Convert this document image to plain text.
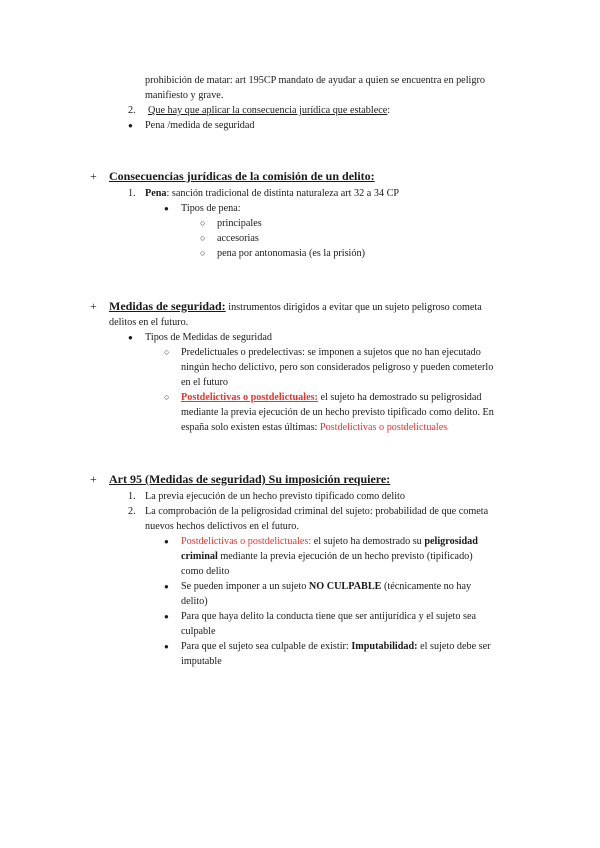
prohibición de matar: art 195CP mandato de ayudar a quien se encuentra en peligro
manifiesto y grave.
2. Que hay que aplicar la consecuencia jurídica que establece:
● Pena /medida de seguridad
+ Consecuencias jurídicas de la comisión de un delito:
1. Pena: sanción tradicional de distinta naturaleza art 32 a 34 CP
● Tipos de pena:
○ principales
○ accesorias
○ pena por antonomasia (es la prisión)
+ Medidas de seguridad: instrumentos dirigidos a evitar que un sujeto peligroso cometa
delitos en el futuro.
● Tipos de Medidas de seguridad
○ Predelictuales o predelectivas: se imponen a sujetos que no han ejecutado
ningún hecho delictivo, pero son considerados peligroso y pueden cometerlo
en el futuro
○ Postdelictivas o postdelictuales: el sujeto ha demostrado su peligrosidad
mediante la previa ejecución de un hecho previsto tipificado como delito. En
españa solo existen estas últimas: Postdelictivas o postdelictuales
+ Art 95 (Medidas de seguridad) Su imposición requiere:
1. La previa ejecución de un hecho previsto tipificado como delito
2. La comprobación de la peligrosidad criminal del sujeto: probabilidad de que cometa
nuevos hechos delictivos en el futuro.
● Postdelictivas o postdelictuales: el sujeto ha demostrado su peligrosidad
criminal mediante la previa ejecución de un hecho previsto (tipificado)
como delito
● Se pueden imponer a un sujeto NO CULPABLE (técnicamente no hay
delito)
● Para que haya delito la conducta tiene que ser antijurídica y el sujeto sea
culpable
● Para que el sujeto sea culpable de existir: Imputabilidad: el sujeto debe ser
imputable
